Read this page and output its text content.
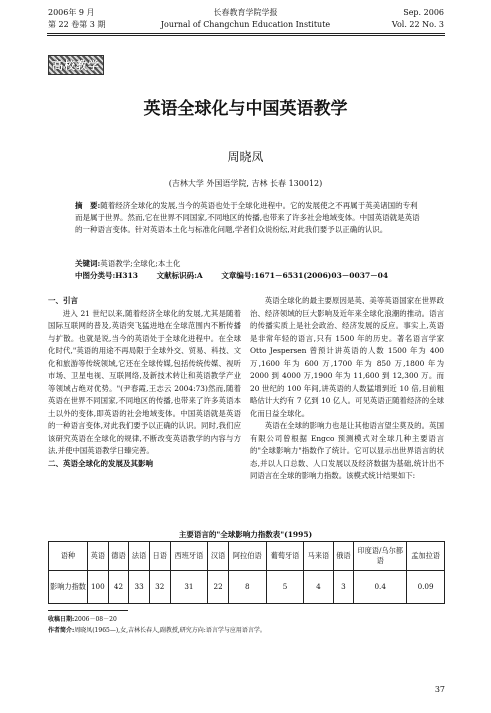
2006年 9 月	长春教育学院学报	Sep. 2006
第 22 卷第 3 期	Journal of Changchun Education Institute	Vol. 22 No. 3
高校教学
英语全球化与中国英语教学
周晓凤
(吉林大学 外国语学院, 吉林 长春 130012)
摘　要:随着经济全球化的发展,当今的英语也处于全球化进程中。它的发展使之不再属于英美诸国的专利而是属于世界。然而,它在世界不同国家,不同地区的传播,也带来了许多社会地域变体。中国英语就是英语的一种语言变体。针对英语本土化与标准化问题,学者们众说纷纭,对此我们要予以正确的认识。
关键词:英语教学;全球化;本土化
中图分类号:H313 文献标识码:A 文章编号:1671－6531(2006)03－0037－04
一、引言

进入 21 世纪以来,随着经济全球化的发展,尤其是随着国际互联网的普及,英语突飞猛进地在全球范围内不断传播与扩散。也就是说,当今的英语处于全球化进程中。在全球化时代,"英语的用途不再局限于全球外交、贸易、科技、文化和旅游等传统领域,它还在全球传媒,包括传统传媒、视听市场、卫星电视、互联网络,及新技术转让和英语教学产业等领域占绝对优势。"(尹春霞,王志云 2004:73)然而,随着英语在世界不同国家,不同地区的传播,也带来了许多英语本土以外的变体,即英语的社会地域变体。中国英语就是英语的一种语言变体,对此我们要予以正确的认识。同时,我们应该研究英语在全球化的规律,不断改变英语教学的内容与方法,并使中国英语教学日臻完善。

二、英语全球化的发展及其影响

英语全球化的最主要原因是英、美等英语国家在世界政治、经济领域的巨大影响及近年来全球化浪潮的推动。语言的传播实质上是社会政治、经济发展的反应。事实上,英语是非常年轻的语言,只有 1500 年的历史。著名语言学家 Otto Jespersen 曾预计讲英语的人数 1500 年为 400 万,1600 年为 600 万,1700 年为 850 万,1800 年为 2000 到 4000 万,1900 年为 11,600 到 12,300 万。而 20 世纪的 100 年间,讲英语的人数猛增到近 10 倍,目前粗略估计大约有 7 亿到 10 亿人。可见英语正随着经济的全球化而日益全球化。

英语在全球的影响力也是让其他语言望尘莫及的。英国有限公司曾根据 Engco 预测模式对全球几种主要语言的"全球影响力"指数作了统计。它可以显示出世界语言的状态,并以人口总数、人口发展以及经济数据为基础,统计出不同语言在全球的影响力指数。该模式统计结果如下:

主要语言的"全球影响力指数表"(1995)
语种	英语	德语	法语	日语	西班牙语	汉语	阿拉伯语	葡萄牙语	马来语	俄语	印度语/乌尔都语	孟加拉语
影响力指数	100	42	33	32	31	22	8	5	4	3	0.4	0.09
收稿日期:2006－08－20
作者简介:周晓凤(1965—),女,吉林长春人,副教授,研究方向:语言学与应用语言学。
37
